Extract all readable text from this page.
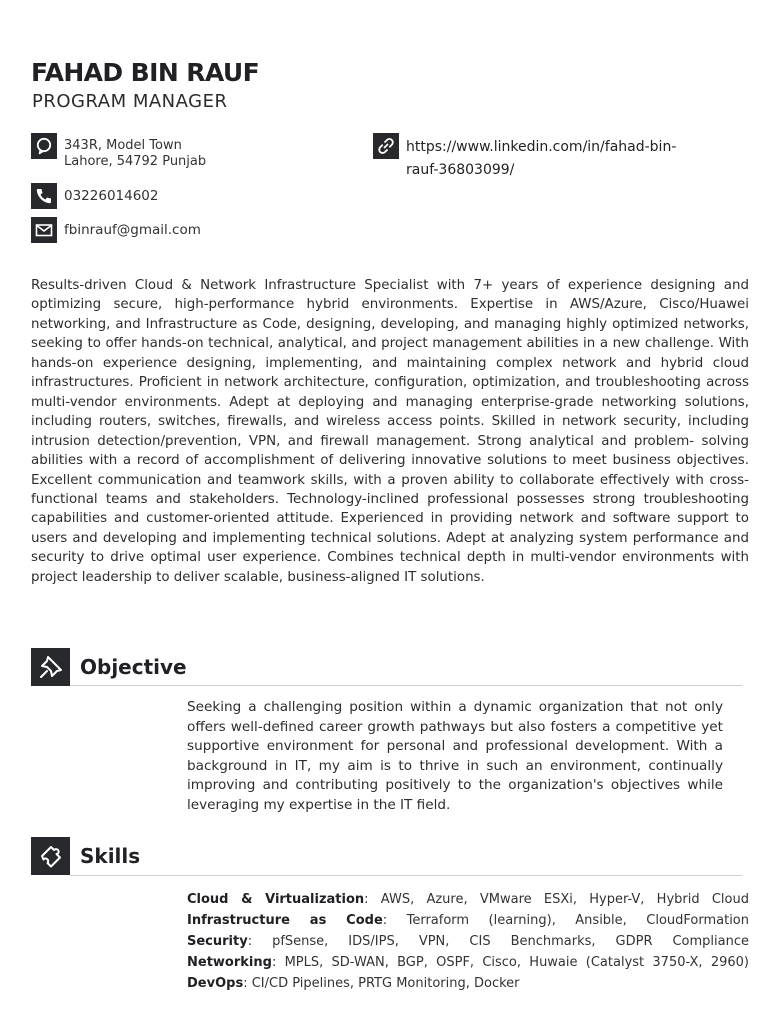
FAHAD BIN RAUF
PROGRAM MANAGER
343R, Model Town
Lahore, 54792 Punjab
03226014602
fbinrauf@gmail.com
https://www.linkedin.com/in/fahad-bin-rauf-36803099/
Results-driven Cloud & Network Infrastructure Specialist with 7+ years of experience designing and optimizing secure, high-performance hybrid environments. Expertise in AWS/Azure, Cisco/Huawei networking, and Infrastructure as Code, designing, developing, and managing highly optimized networks, seeking to offer hands-on technical, analytical, and project management abilities in a new challenge. With hands-on experience designing, implementing, and maintaining complex network and hybrid cloud infrastructures. Proficient in network architecture, configuration, optimization, and troubleshooting across multi-vendor environments. Adept at deploying and managing enterprise-grade networking solutions, including routers, switches, firewalls, and wireless access points. Skilled in network security, including intrusion detection/prevention, VPN, and firewall management. Strong analytical and problem- solving abilities with a record of accomplishment of delivering innovative solutions to meet business objectives. Excellent communication and teamwork skills, with a proven ability to collaborate effectively with cross-functional teams and stakeholders. Technology-inclined professional possesses strong troubleshooting capabilities and customer-oriented attitude. Experienced in providing network and software support to users and developing and implementing technical solutions. Adept at analyzing system performance and security to drive optimal user experience. Combines technical depth in multi-vendor environments with project leadership to deliver scalable, business-aligned IT solutions.
Objective
Seeking a challenging position within a dynamic organization that not only offers well-defined career growth pathways but also fosters a competitive yet supportive environment for personal and professional development. With a background in IT, my aim is to thrive in such an environment, continually improving and contributing positively to the organization's objectives while leveraging my expertise in the IT field.
Skills
Cloud & Virtualization: AWS, Azure, VMware ESXi, Hyper-V, Hybrid Cloud
Infrastructure as Code: Terraform (learning), Ansible, CloudFormation
Security: pfSense, IDS/IPS, VPN, CIS Benchmarks, GDPR Compliance
Networking: MPLS, SD-WAN, BGP, OSPF, Cisco, Huwaie (Catalyst 3750-X, 2960)
DevOps: CI/CD Pipelines, PRTG Monitoring, Docker
